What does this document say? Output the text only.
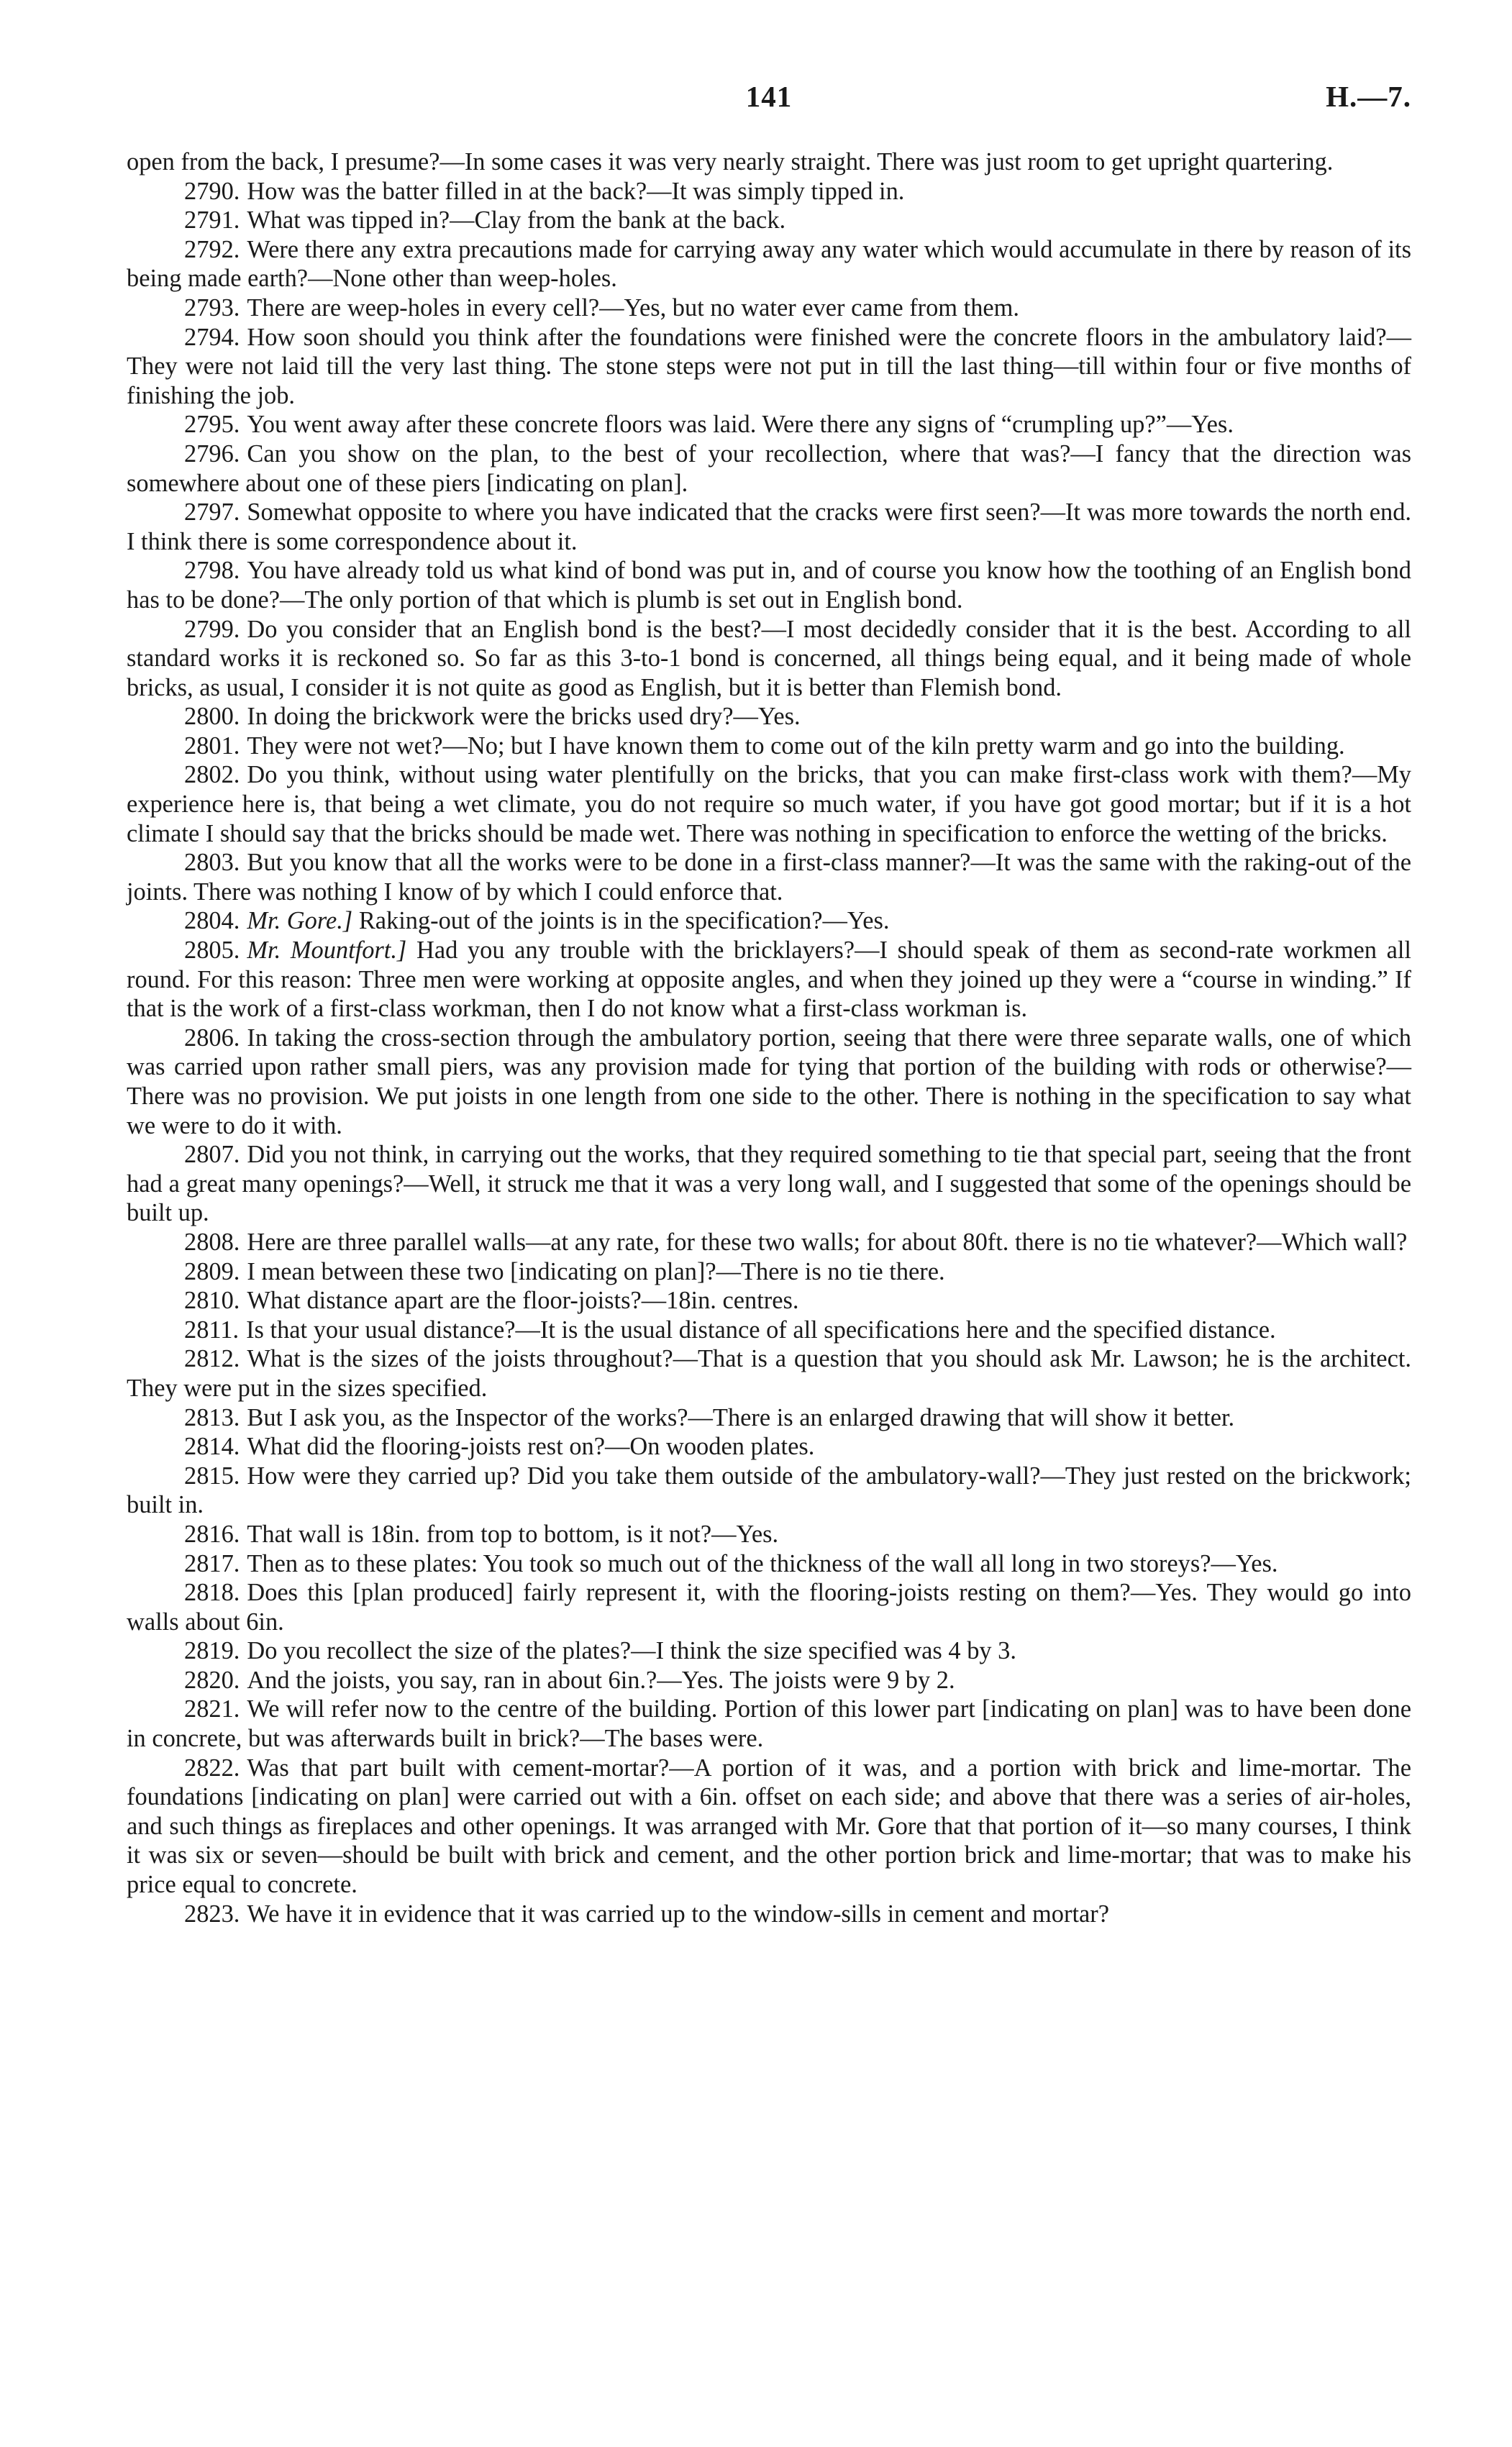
141	H.—7.

open from the back, I presume?—In some cases it was very nearly straight. There was just room to get upright quartering.

2790. How was the batter filled in at the back?—It was simply tipped in.

2791. What was tipped in?—Clay from the bank at the back.

2792. Were there any extra precautions made for carrying away any water which would accumulate in there by reason of its being made earth?—None other than weep-holes.

2793. There are weep-holes in every cell?—Yes, but no water ever came from them.

2794. How soon should you think after the foundations were finished were the concrete floors in the ambulatory laid?—They were not laid till the very last thing. The stone steps were not put in till the last thing—till within four or five months of finishing the job.

2795. You went away after these concrete floors was laid. Were there any signs of “crumpling up?”—Yes.

2796. Can you show on the plan, to the best of your recollection, where that was?—I fancy that the direction was somewhere about one of these piers [indicating on plan].

2797. Somewhat opposite to where you have indicated that the cracks were first seen?—It was more towards the north end. I think there is some correspondence about it.

2798. You have already told us what kind of bond was put in, and of course you know how the toothing of an English bond has to be done?—The only portion of that which is plumb is set out in English bond.

2799. Do you consider that an English bond is the best?—I most decidedly consider that it is the best. According to all standard works it is reckoned so. So far as this 3-to-1 bond is concerned, all things being equal, and it being made of whole bricks, as usual, I consider it is not quite as good as English, but it is better than Flemish bond.

2800. In doing the brickwork were the bricks used dry?—Yes.

2801. They were not wet?—No; but I have known them to come out of the kiln pretty warm and go into the building.

2802. Do you think, without using water plentifully on the bricks, that you can make first-class work with them?—My experience here is, that being a wet climate, you do not require so much water, if you have got good mortar; but if it is a hot climate I should say that the bricks should be made wet. There was nothing in specification to enforce the wetting of the bricks.

2803. But you know that all the works were to be done in a first-class manner?—It was the same with the raking-out of the joints. There was nothing I know of by which I could enforce that.

2804. Mr. Gore.] Raking-out of the joints is in the specification?—Yes.

2805. Mr. Mountfort.] Had you any trouble with the bricklayers?—I should speak of them as second-rate workmen all round. For this reason: Three men were working at opposite angles, and when they joined up they were a “course in winding.” If that is the work of a first-class workman, then I do not know what a first-class workman is.

2806. In taking the cross-section through the ambulatory portion, seeing that there were three separate walls, one of which was carried upon rather small piers, was any provision made for tying that portion of the building with rods or otherwise?—There was no provision. We put joists in one length from one side to the other. There is nothing in the specification to say what we were to do it with.

2807. Did you not think, in carrying out the works, that they required something to tie that special part, seeing that the front had a great many openings?—Well, it struck me that it was a very long wall, and I suggested that some of the openings should be built up.

2808. Here are three parallel walls—at any rate, for these two walls; for about 80ft. there is no tie whatever?—Which wall?

2809. I mean between these two [indicating on plan]?—There is no tie there.

2810. What distance apart are the floor-joists?—18in. centres.

2811. Is that your usual distance?—It is the usual distance of all specifications here and the specified distance.

2812. What is the sizes of the joists throughout?—That is a question that you should ask Mr. Lawson; he is the architect. They were put in the sizes specified.

2813. But I ask you, as the Inspector of the works?—There is an enlarged drawing that will show it better.

2814. What did the flooring-joists rest on?—On wooden plates.

2815. How were they carried up? Did you take them outside of the ambulatory-wall?—They just rested on the brickwork; built in.

2816. That wall is 18in. from top to bottom, is it not?—Yes.

2817. Then as to these plates: You took so much out of the thickness of the wall all long in two storeys?—Yes.

2818. Does this [plan produced] fairly represent it, with the flooring-joists resting on them?—Yes. They would go into walls about 6in.

2819. Do you recollect the size of the plates?—I think the size specified was 4 by 3.

2820. And the joists, you say, ran in about 6in.?—Yes. The joists were 9 by 2.

2821. We will refer now to the centre of the building. Portion of this lower part [indicating on plan] was to have been done in concrete, but was afterwards built in brick?—The bases were.

2822. Was that part built with cement-mortar?—A portion of it was, and a portion with brick and lime-mortar. The foundations [indicating on plan] were carried out with a 6in. offset on each side; and above that there was a series of air-holes, and such things as fireplaces and other openings. It was arranged with Mr. Gore that that portion of it—so many courses, I think it was six or seven—should be built with brick and cement, and the other portion brick and lime-mortar; that was to make his price equal to concrete.

2823. We have it in evidence that it was carried up to the window-sills in cement and mortar?
